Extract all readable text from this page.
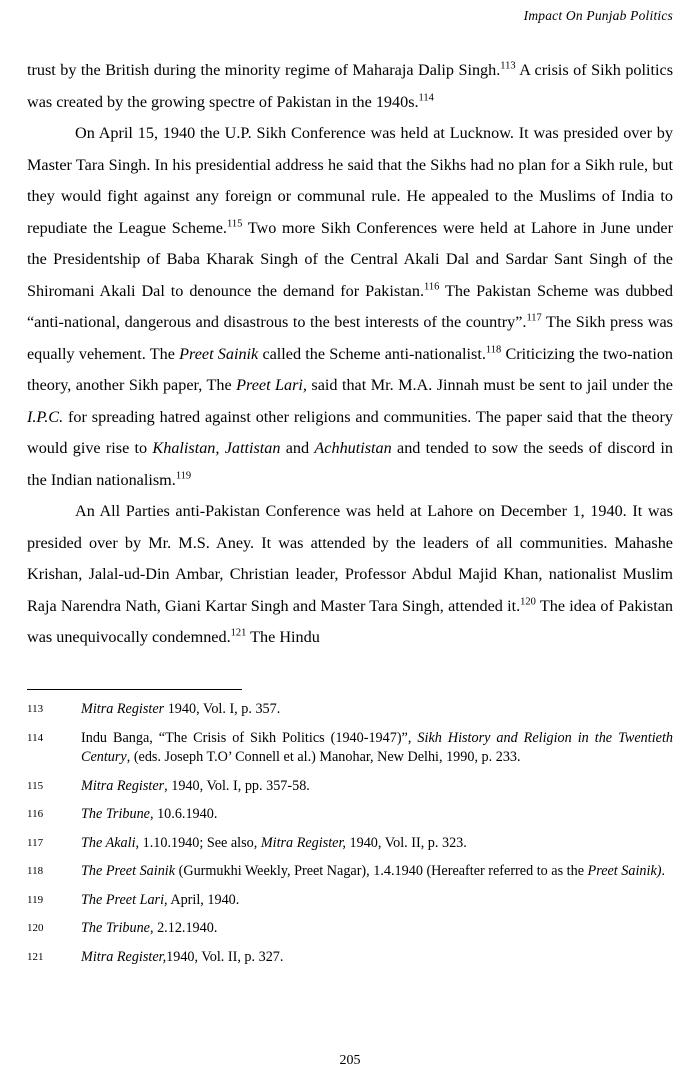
Impact On Punjab Politics

trust by the British during the minority regime of Maharaja Dalip Singh.$^{113}$ A crisis of Sikh politics was created by the growing spectre of Pakistan in the 1940s.$^{114}$

On April 15, 1940 the U.P. Sikh Conference was held at Lucknow. It was presided over by Master Tara Singh. In his presidential address he said that the Sikhs had no plan for a Sikh rule, but they would fight against any foreign or communal rule. He appealed to the Muslims of India to repudiate the League Scheme.$^{115}$ Two more Sikh Conferences were held at Lahore in June under the Presidentship of Baba Kharak Singh of the Central Akali Dal and Sardar Sant Singh of the Shiromani Akali Dal to denounce the demand for Pakistan.$^{116}$ The Pakistan Scheme was dubbed “anti-national, dangerous and disastrous to the best interests of the country”.$^{117}$ The Sikh press was equally vehement. The Preet Sainik called the Scheme anti-nationalist.$^{118}$ Criticizing the two-nation theory, another Sikh paper, The Preet Lari, said that Mr. M.A. Jinnah must be sent to jail under the I.P.C. for spreading hatred against other religions and communities. The paper said that the theory would give rise to Khalistan, Jattistan and Achhutistan and tended to sow the seeds of discord in the Indian nationalism.$^{119}$

An All Parties anti-Pakistan Conference was held at Lahore on December 1, 1940. It was presided over by Mr. M.S. Aney. It was attended by the leaders of all communities. Mahashe Krishan, Jalal-ud-Din Ambar, Christian leader, Professor Abdul Majid Khan, nationalist Muslim Raja Narendra Nath, Giani Kartar Singh and Master Tara Singh, attended it.$^{120}$ The idea of Pakistan was unequivocally condemned.$^{121}$ The Hindu

113	Mitra Register 1940, Vol. I, p. 357.
114	Indu Banga, “The Crisis of Sikh Politics (1940-1947)”, Sikh History and Religion in the Twentieth Century, (eds. Joseph T.O’ Connell et al.) Manohar, New Delhi, 1990, p. 233.
115	Mitra Register, 1940, Vol. I, pp. 357-58.
116	The Tribune, 10.6.1940.
117	The Akali, 1.10.1940; See also, Mitra Register, 1940, Vol. II, p. 323.
118	The Preet Sainik (Gurmukhi Weekly, Preet Nagar), 1.4.1940 (Hereafter referred to as the Preet Sainik).
119	The Preet Lari, April, 1940.
120	The Tribune, 2.12.1940.
121	Mitra Register,1940, Vol. II, p. 327.
205
